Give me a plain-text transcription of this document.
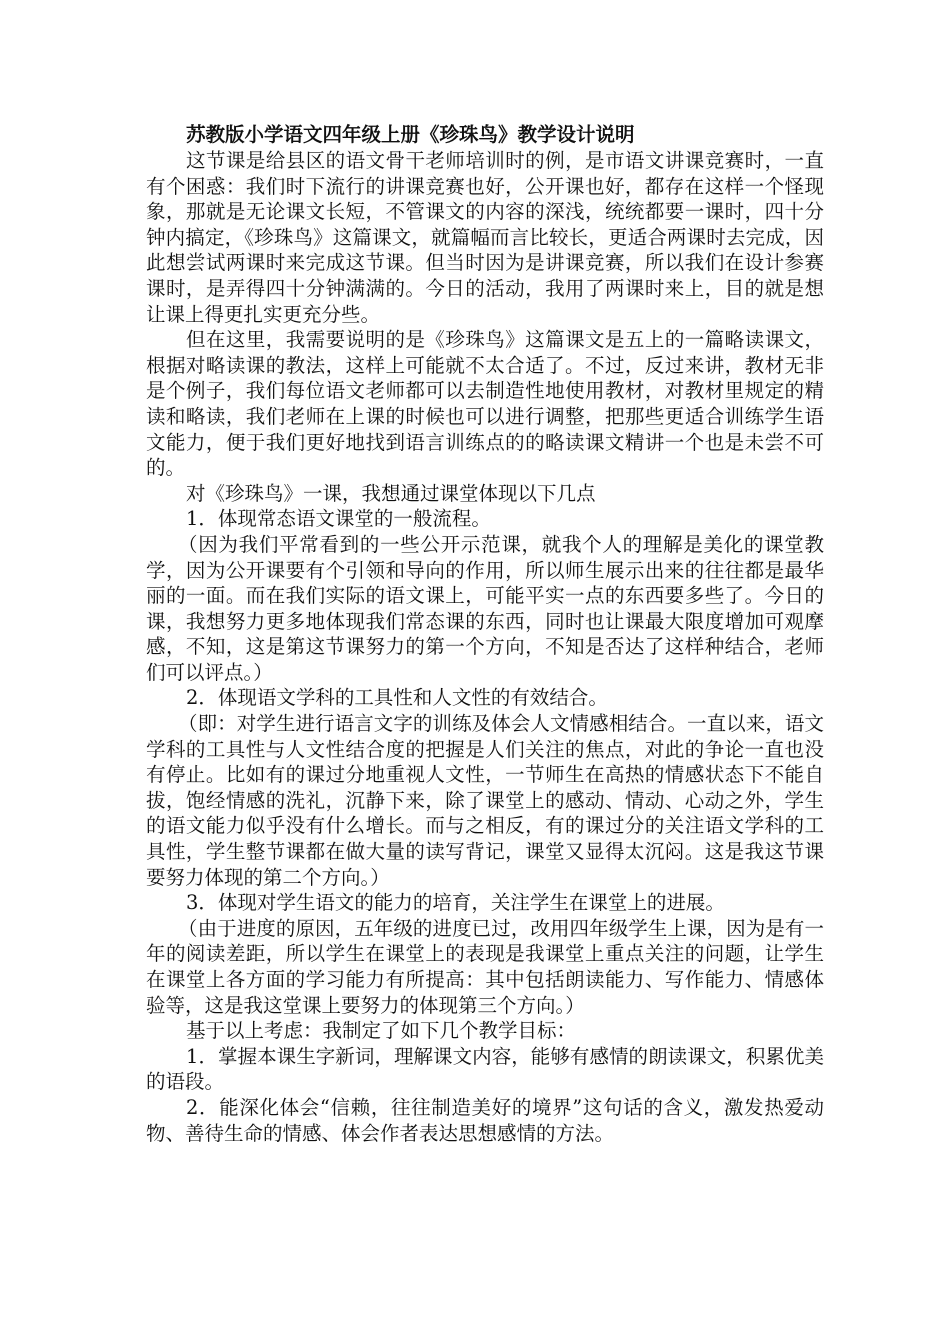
苏教版小学语文四年级上册《珍珠鸟》教学设计说明

这节课是给县区的语文骨干老师培训时的例，是市语文讲课竞赛时，一直有个困惑：我们时下流行的讲课竞赛也好，公开课也好，都存在这样一个怪现象，那就是无论课文长短，不管课文的内容的深浅，统统都要一课时，四十分钟内搞定，《珍珠鸟》这篇课文，就篇幅而言比较长，更适合两课时去完成，因此想尝试两课时来完成这节课。但当时因为是讲课竞赛，所以我们在设计参赛课时，是弄得四十分钟满满的。今日的活动，我用了两课时来上，目的就是想让课上得更扎实更充分些。

但在这里，我需要说明的是《珍珠鸟》这篇课文是五上的一篇略读课文，根据对略读课的教法，这样上可能就不太合适了。不过，反过来讲，教材无非是个例子，我们每位语文老师都可以去制造性地使用教材，对教材里规定的精读和略读，我们老师在上课的时候也可以进行调整，把那些更适合训练学生语文能力，便于我们更好地找到语言训练点的的略读课文精讲一个也是未尝不可的。

对《珍珠鸟》一课，我想通过课堂体现以下几点

1．体现常态语文课堂的一般流程。

（因为我们平常看到的一些公开示范课，就我个人的理解是美化的课堂教学，因为公开课要有个引领和导向的作用，所以师生展示出来的往往都是最华丽的一面。而在我们实际的语文课上，可能平实一点的东西要多些了。今日的课，我想努力更多地体现我们常态课的东西，同时也让课最大限度增加可观摩感，不知，这是第这节课努力的第一个方向，不知是否达了这样种结合，老师们可以评点。）

2．体现语文学科的工具性和人文性的有效结合。

（即：对学生进行语言文字的训练及体会人文情感相结合。一直以来，语文学科的工具性与人文性结合度的把握是人们关注的焦点，对此的争论一直也没有停止。比如有的课过分地重视人文性，一节师生在高热的情感状态下不能自拔，饱经情感的洗礼，沉静下来，除了课堂上的感动、情动、心动之外，学生的语文能力似乎没有什么增长。而与之相反，有的课过分的关注语文学科的工具性，学生整节课都在做大量的读写背记，课堂又显得太沉闷。这是我这节课要努力体现的第二个方向。）

3．体现对学生语文的能力的培育，关注学生在课堂上的进展。

（由于进度的原因，五年级的进度已过，改用四年级学生上课，因为是有一年的阅读差距，所以学生在课堂上的表现是我课堂上重点关注的问题，让学生在课堂上各方面的学习能力有所提高：其中包括朗读能力、写作能力、情感体验等，这是我这堂课上要努力的体现第三个方向。）

基于以上考虑：我制定了如下几个教学目标：

1．掌握本课生字新词，理解课文内容，能够有感情的朗读课文，积累优美的语段。

2．能深化体会“信赖，往往制造美好的境界”这句话的含义，激发热爱动物、善待生命的情感、体会作者表达思想感情的方法。
